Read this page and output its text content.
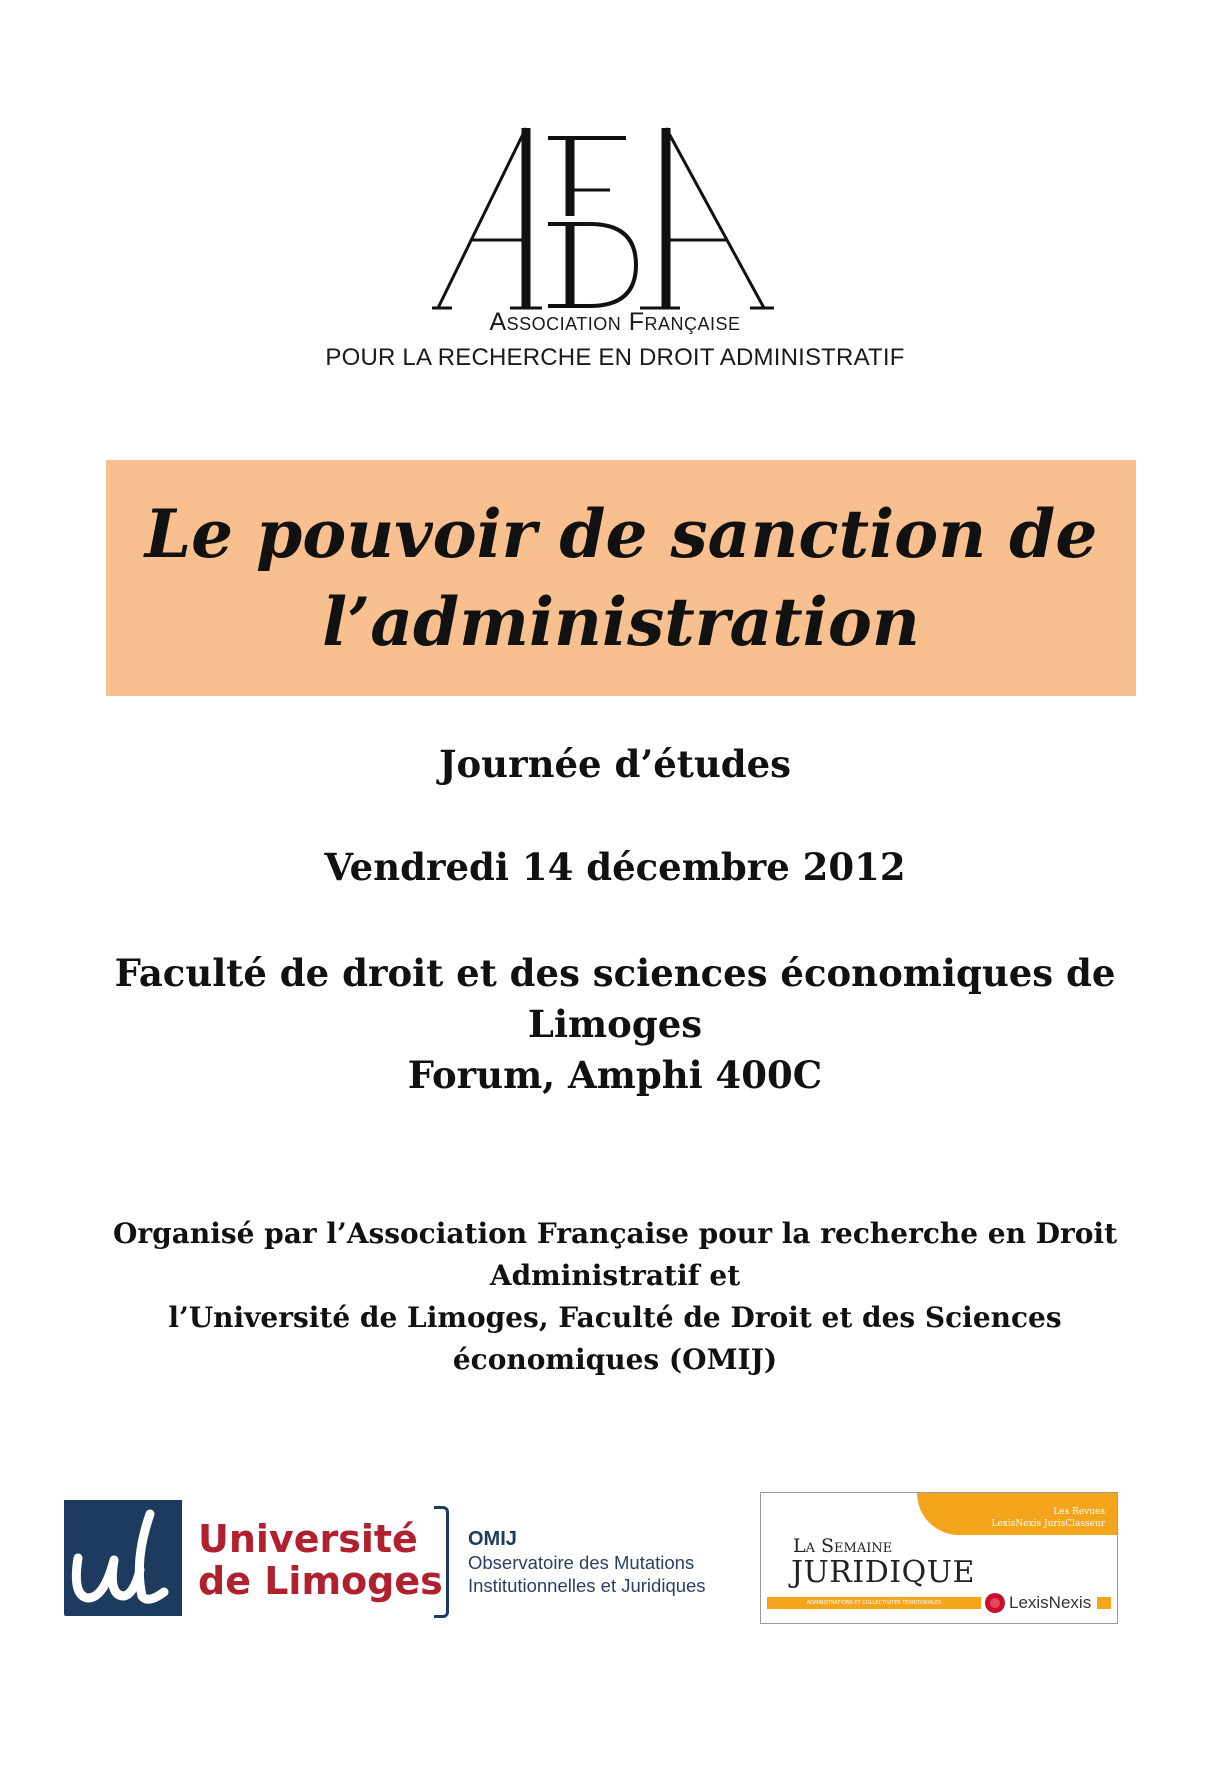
Association Française
POUR LA RECHERCHE EN DROIT ADMINISTRATIF
Le pouvoir de sanction de l’administration
Journée d’études
Vendredi 14 décembre 2012
Faculté de droit et des sciences économiques de
Limoges
Forum, Amphi 400C
Organisé par l’Association Française pour la recherche en Droit
Administratif et
l’Université de Limoges, Faculté de Droit et des Sciences
économiques (OMIJ)
Université
de Limoges
OMIJ
Observatoire des Mutations
Institutionnelles et Juridiques
Les Revues
LexisNexis JurisClasseur
La Semaine
JURIDIQUE
ADMINISTRATIONS ET COLLECTIVITÉS TERRITORIALES	LexisNexis
